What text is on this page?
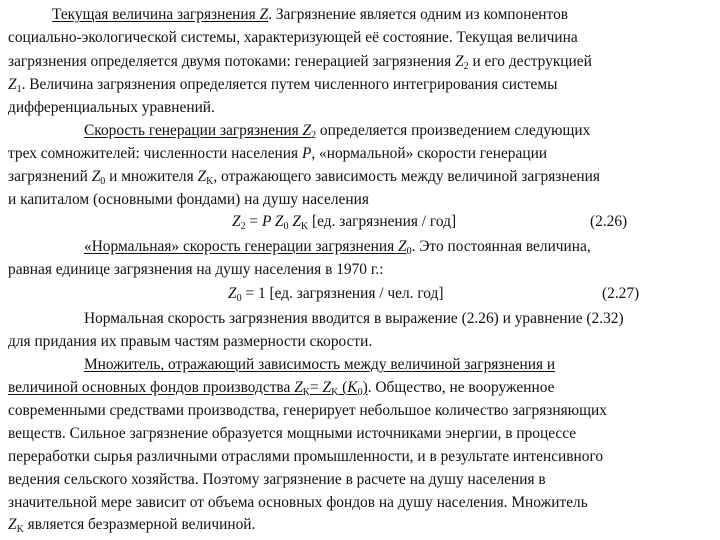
Текущая величина загрязнения Z. Загрязнение является одним из компонентов
социально-экологической системы, характеризующей её состояние. Текущая величина
загрязнения определяется двумя потоками: генерацией загрязнения $Z_2$ и его деструкцией
$Z_1$. Величина загрязнения определяется путем численного интегрирования системы
дифференциальных уравнений.
Скорость генерации загрязнения $Z_2$ определяется произведением следующих
трех сомножителей: численности населения P, «нормальной» скорости генерации
загрязнений $Z_0$ и множителя $Z_K$, отражающего зависимость между величиной загрязнения
и капиталом (основными фондами) на душу населения
$Z_2 = P$ $Z_0$ $Z_K$ [ед. загрязнения / год]	(2.26)
«Нормальная» скорость генерации загрязнения $Z_0$. Это постоянная величина,
равная единице загрязнения на душу населения в 1970 г.:
$Z_0 = 1$ [ед. загрязнения / чел. год]	(2.27)
Нормальная скорость загрязнения вводится в выражение (2.26) и уравнение (2.32)
для придания их правым частям размерности скорости.
Множитель, отражающий зависимость между величиной загрязнения и
величиной основных фондов производства $Z_K= Z_K$ $(K_0)$. Общество, не вооруженное
современными средствами производства, генерирует небольшое количество загрязняющих
веществ. Сильное загрязнение образуется мощными источниками энергии, в процессе
переработки сырья различными отраслями промышленности, и в результате интенсивного
ведения сельского хозяйства. Поэтому загрязнение в расчете на душу населения в
значительной мере зависит от объема основных фондов на душу населения. Множитель
$Z_K$ является безразмерной величиной.
